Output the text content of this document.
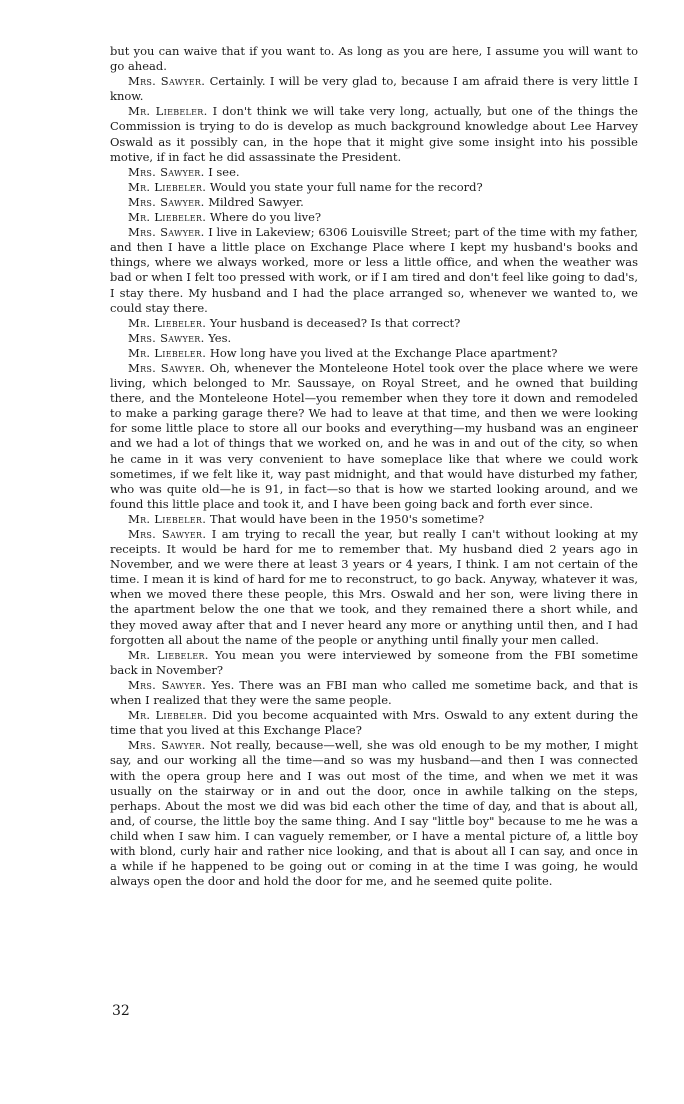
but you can waive that if you want to. As long as you are here, I assume you will want to go ahead.

Mrs. Sawyer. Certainly. I will be very glad to, because I am afraid there is very little I know.

Mr. Liebeler. I don't think we will take very long, actually, but one of the things the Commission is trying to do is develop as much background knowledge about Lee Harvey Oswald as it possibly can, in the hope that it might give some insight into his possible motive, if in fact he did assassinate the President.

Mrs. Sawyer. I see.

Mr. Liebeler. Would you state your full name for the record?

Mrs. Sawyer. Mildred Sawyer.

Mr. Liebeler. Where do you live?

Mrs. Sawyer. I live in Lakeview; 6306 Louisville Street; part of the time with my father, and then I have a little place on Exchange Place where I kept my husband's books and things, where we always worked, more or less a little office, and when the weather was bad or when I felt too pressed with work, or if I am tired and don't feel like going to dad's, I stay there. My husband and I had the place arranged so, whenever we wanted to, we could stay there.

Mr. Liebeler. Your husband is deceased? Is that correct?

Mrs. Sawyer. Yes.

Mr. Liebeler. How long have you lived at the Exchange Place apartment?

Mrs. Sawyer. Oh, whenever the Monteleone Hotel took over the place where we were living, which belonged to Mr. Saussaye, on Royal Street, and he owned that building there, and the Monteleone Hotel—you remember when they tore it down and remodeled to make a parking garage there? We had to leave at that time, and then we were looking for some little place to store all our books and everything—my husband was an engineer and we had a lot of things that we worked on, and he was in and out of the city, so when he came in it was very convenient to have someplace like that where we could work sometimes, if we felt like it, way past midnight, and that would have disturbed my father, who was quite old—he is 91, in fact—so that is how we started looking around, and we found this little place and took it, and I have been going back and forth ever since.

Mr. Liebeler. That would have been in the 1950's sometime?

Mrs. Sawyer. I am trying to recall the year, but really I can't without looking at my receipts. It would be hard for me to remember that. My husband died 2 years ago in November, and we were there at least 3 years or 4 years, I think. I am not certain of the time. I mean it is kind of hard for me to reconstruct, to go back. Anyway, whatever it was, when we moved there these people, this Mrs. Oswald and her son, were living there in the apartment below the one that we took, and they remained there a short while, and they moved away after that and I never heard any more or anything until then, and I had forgotten all about the name of the people or anything until finally your men called.

Mr. Liebeler. You mean you were interviewed by someone from the FBI sometime back in November?

Mrs. Sawyer. Yes. There was an FBI man who called me sometime back, and that is when I realized that they were the same people.

Mr. Liebeler. Did you become acquainted with Mrs. Oswald to any extent during the time that you lived at this Exchange Place?

Mrs. Sawyer. Not really, because—well, she was old enough to be my mother, I might say, and our working all the time—and so was my husband—and then I was connected with the opera group here and I was out most of the time, and when we met it was usually on the stairway or in and out the door, once in awhile talking on the steps, perhaps. About the most we did was bid each other the time of day, and that is about all, and, of course, the little boy the same thing. And I say "little boy" because to me he was a child when I saw him. I can vaguely remember, or I have a mental picture of, a little boy with blond, curly hair and rather nice looking, and that is about all I can say, and once in a while if he happened to be going out or coming in at the time I was going, he would always open the door and hold the door for me, and he seemed quite polite.

32
